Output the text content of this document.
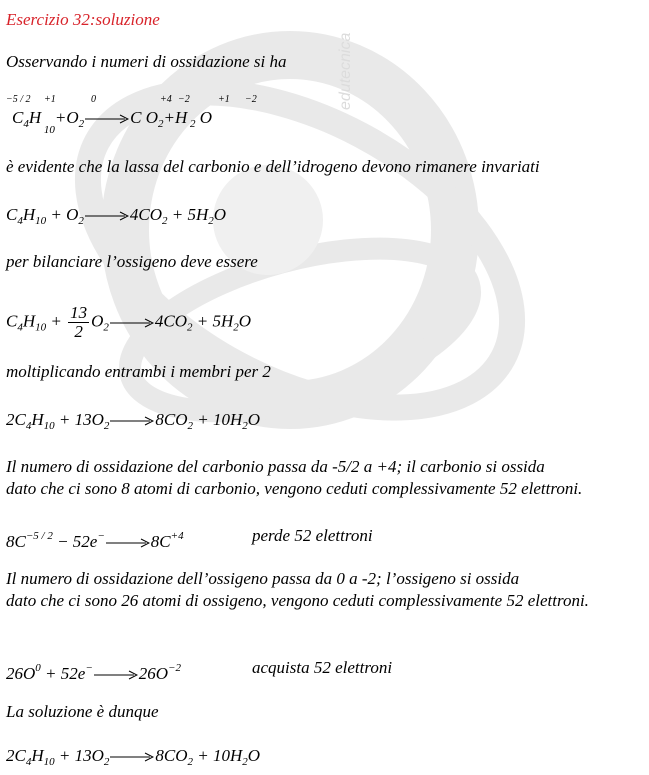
edutecnica
Esercizio 32:soluzione
Osservando i numeri di ossidazione si ha
−5 / 2 +1	0	+4 −2	+1 −2
$C_4H$ $_{10}+O_2$	C $O_2+H$ $_2$ O
è evidente che la lassa del carbonio e dell’idrogeno devono rimanere invariati
$C_4H_{10} + O_2$	$4CO_2 + 5H_2O$
per bilanciare l’ossigeno deve essere
$C_4H_{10} + \frac{13}{2} O_2$	$4CO_2 + 5H_2O$
moltiplicando entrambi i membri per 2
$2C_4H_{10} + 13O_2$	$8CO_2 + 10H_2O$
Il numero di ossidazione del carbonio passa da -5/2 a +4; il carbonio si ossida
dato che ci sono 8 atomi di carbonio, vengono ceduti complessivamente 52 elettroni.
$8C^{-5 / 2} - 52e^-$	$8C^{+4}$	perde 52 elettroni
Il numero di ossidazione dell’ossigeno passa da 0 a -2; l’ossigeno si ossida
dato che ci sono 26 atomi di ossigeno, vengono ceduti complessivamente 52 elettroni.
$26O^0 + 52e^-$	$26O^{-2}$	acquista 52 elettroni
La soluzione è dunque
$2C_4H_{10} + 13O_2$	$8CO_2 + 10H_2O$
